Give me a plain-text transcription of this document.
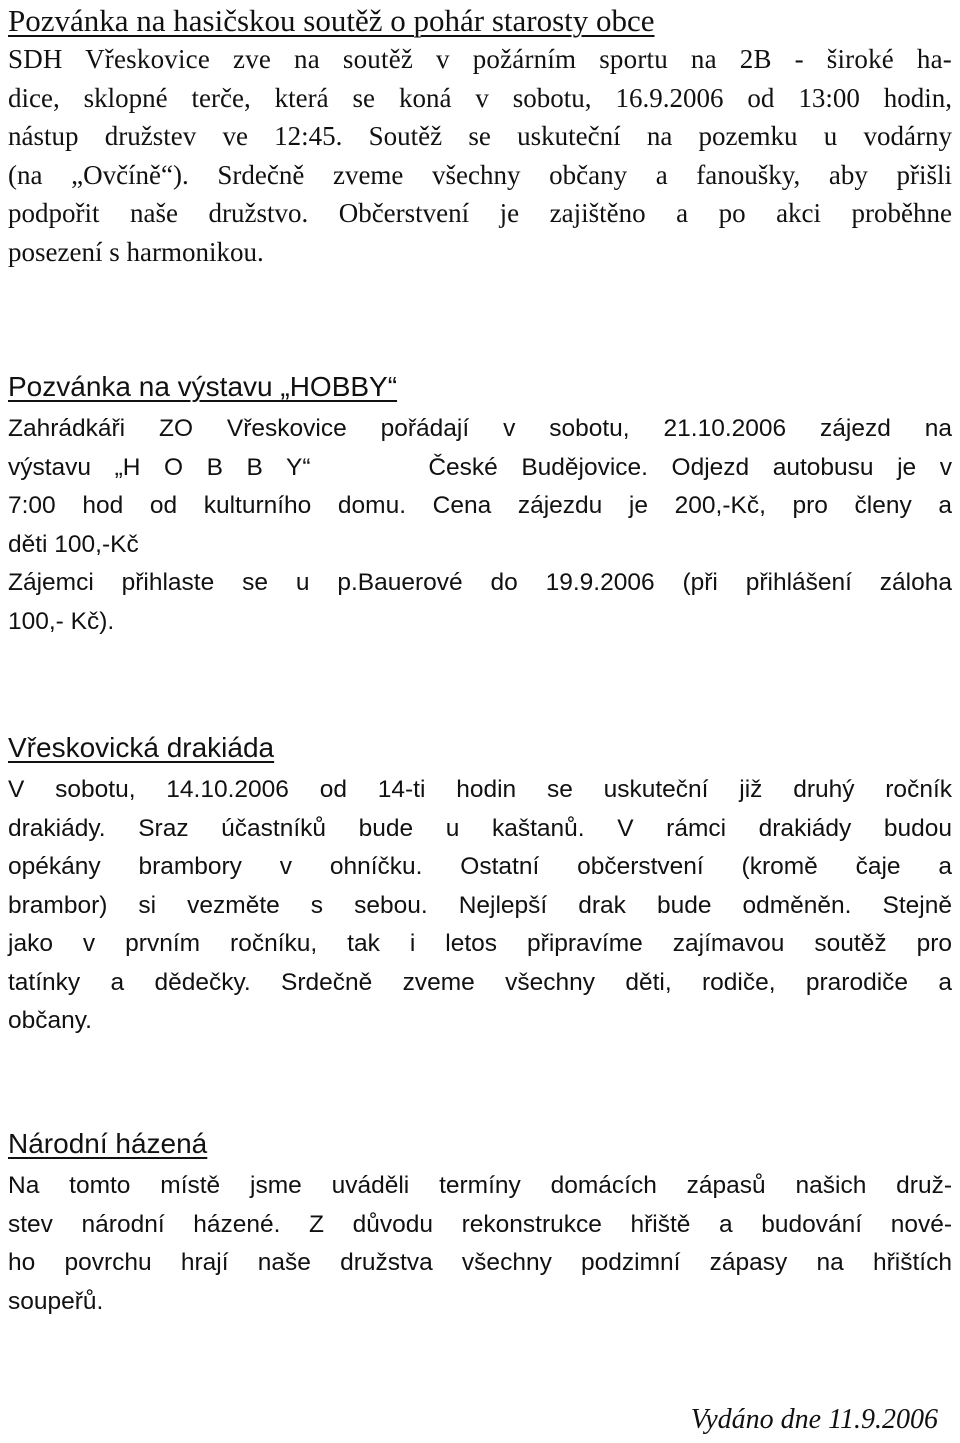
Pozvánka na hasičskou soutěž o pohár starosty obce
SDH Vřeskovice zve na soutěž v požárním sportu na 2B - široké ha-
dice, sklopné terče, která se koná v sobotu, 16.9.2006 od 13:00 hodin,
nástup družstev ve 12:45. Soutěž se uskuteční na pozemku u vodárny
(na „Ovčíně“). Srdečně zveme všechny občany a fanoušky, aby přišli
podpořit naše družstvo. Občerstvení je zajištěno a po akci proběhne
posezení s harmonikou.
Pozvánka na výstavu „HOBBY“
Zahrádkáři ZO Vřeskovice pořádají v sobotu, 21.10.2006 zájezd na
výstavu „H O B B Y“     České Budějovice. Odjezd autobusu je v
7:00 hod od kulturního domu. Cena zájezdu je 200,-Kč, pro členy a
děti 100,-Kč
Zájemci přihlaste se u p.Bauerové do 19.9.2006 (při přihlášení záloha
100,- Kč).
Vřeskovická drakiáda
V sobotu, 14.10.2006 od 14-ti hodin se uskuteční již druhý ročník
drakiády. Sraz účastníků bude u kaštanů. V rámci drakiády budou
opékány brambory v ohníčku. Ostatní občerstvení (kromě čaje a
brambor) si vezměte s sebou. Nejlepší drak bude odměněn. Stejně
jako v prvním ročníku, tak i letos připravíme zajímavou soutěž pro
tatínky a dědečky. Srdečně zveme všechny děti, rodiče, prarodiče a
občany.
Národní házená
Na tomto místě jsme uváděli termíny domácích zápasů našich druž-
stev národní házené. Z důvodu rekonstrukce hřiště a budování nové-
ho povrchu hrají naše družstva všechny podzimní zápasy na hřištích
soupeřů.
Vydáno dne 11.9.2006
